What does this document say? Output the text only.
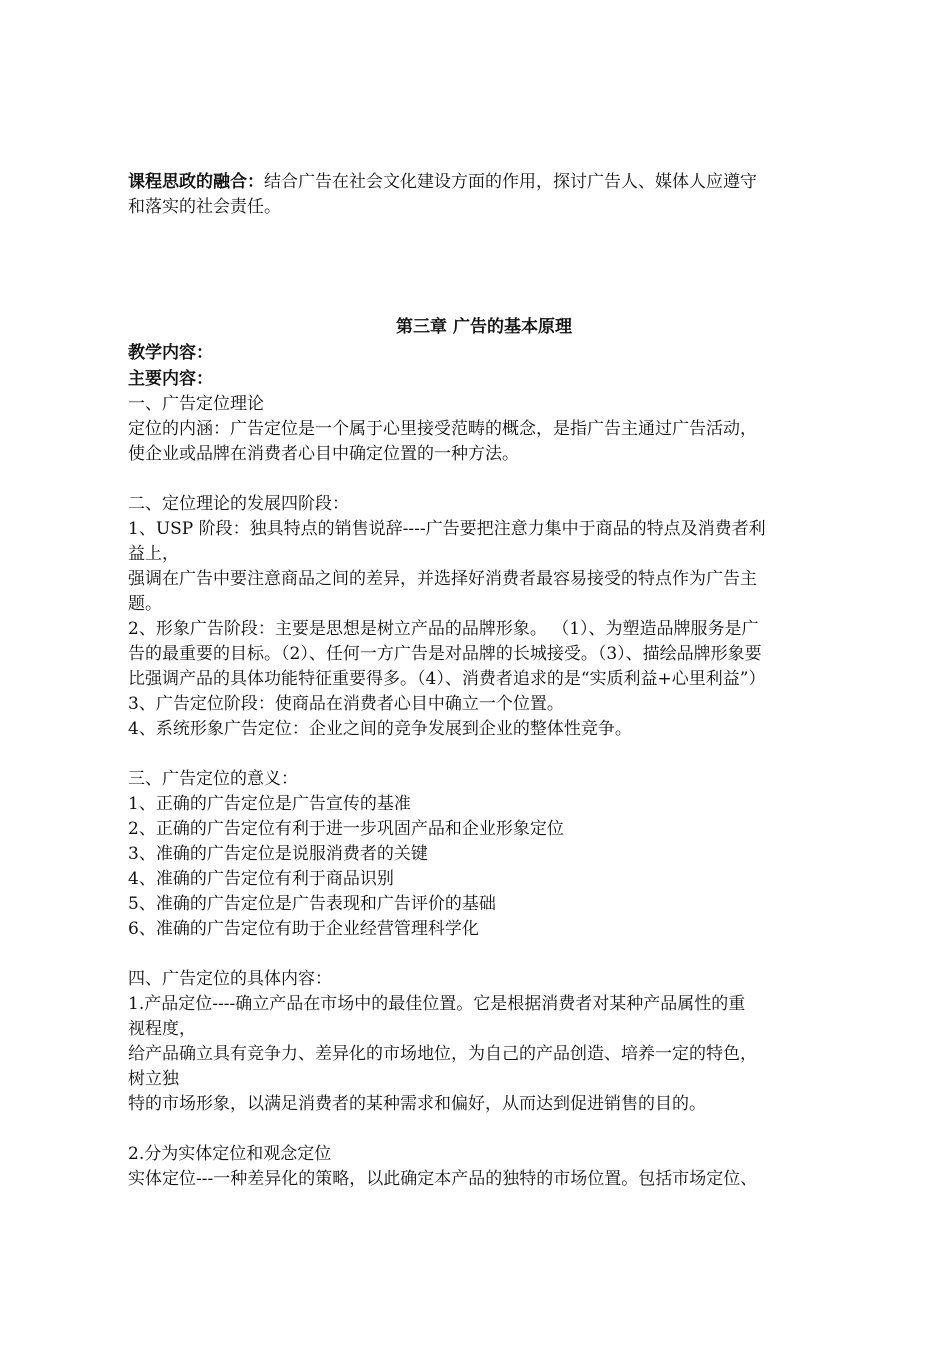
课程思政的融合：结合广告在社会文化建设方面的作用，探讨广告人、媒体人应遵守
和落实的社会责任。
第三章 广告的基本原理
教学内容：
主要内容：
一、广告定位理论
定位的内涵：广告定位是一个属于心里接受范畴的概念，是指广告主通过广告活动，
使企业或品牌在消费者心目中确定位置的一种方法。
二、定位理论的发展四阶段：
1、USP 阶段：独具特点的销售说辞----广告要把注意力集中于商品的特点及消费者利
益上，
强调在广告中要注意商品之间的差异，并选择好消费者最容易接受的特点作为广告主
题。
2、形象广告阶段：主要是思想是树立产品的品牌形象。 （1）、为塑造品牌服务是广
告的最重要的目标。（2）、任何一方广告是对品牌的长城接受。（3）、描绘品牌形象要
比强调产品的具体功能特征重要得多。（4）、消费者追求的是“实质利益+心里利益”）
3、广告定位阶段：使商品在消费者心目中确立一个位置。
4、系统形象广告定位：企业之间的竞争发展到企业的整体性竞争。
三、广告定位的意义：
1、正确的广告定位是广告宣传的基准
2、正确的广告定位有利于进一步巩固产品和企业形象定位
3、准确的广告定位是说服消费者的关键
4、准确的广告定位有利于商品识别
5、准确的广告定位是广告表现和广告评价的基础
6、准确的广告定位有助于企业经营管理科学化
四、广告定位的具体内容：
1.产品定位----确立产品在市场中的最佳位置。它是根据消费者对某种产品属性的重
视程度，
给产品确立具有竞争力、差异化的市场地位，为自己的产品创造、培养一定的特色，
树立独
特的市场形象，以满足消费者的某种需求和偏好，从而达到促进销售的目的。
2.分为实体定位和观念定位
实体定位---一种差异化的策略，以此确定本产品的独特的市场位置。包括市场定位、
